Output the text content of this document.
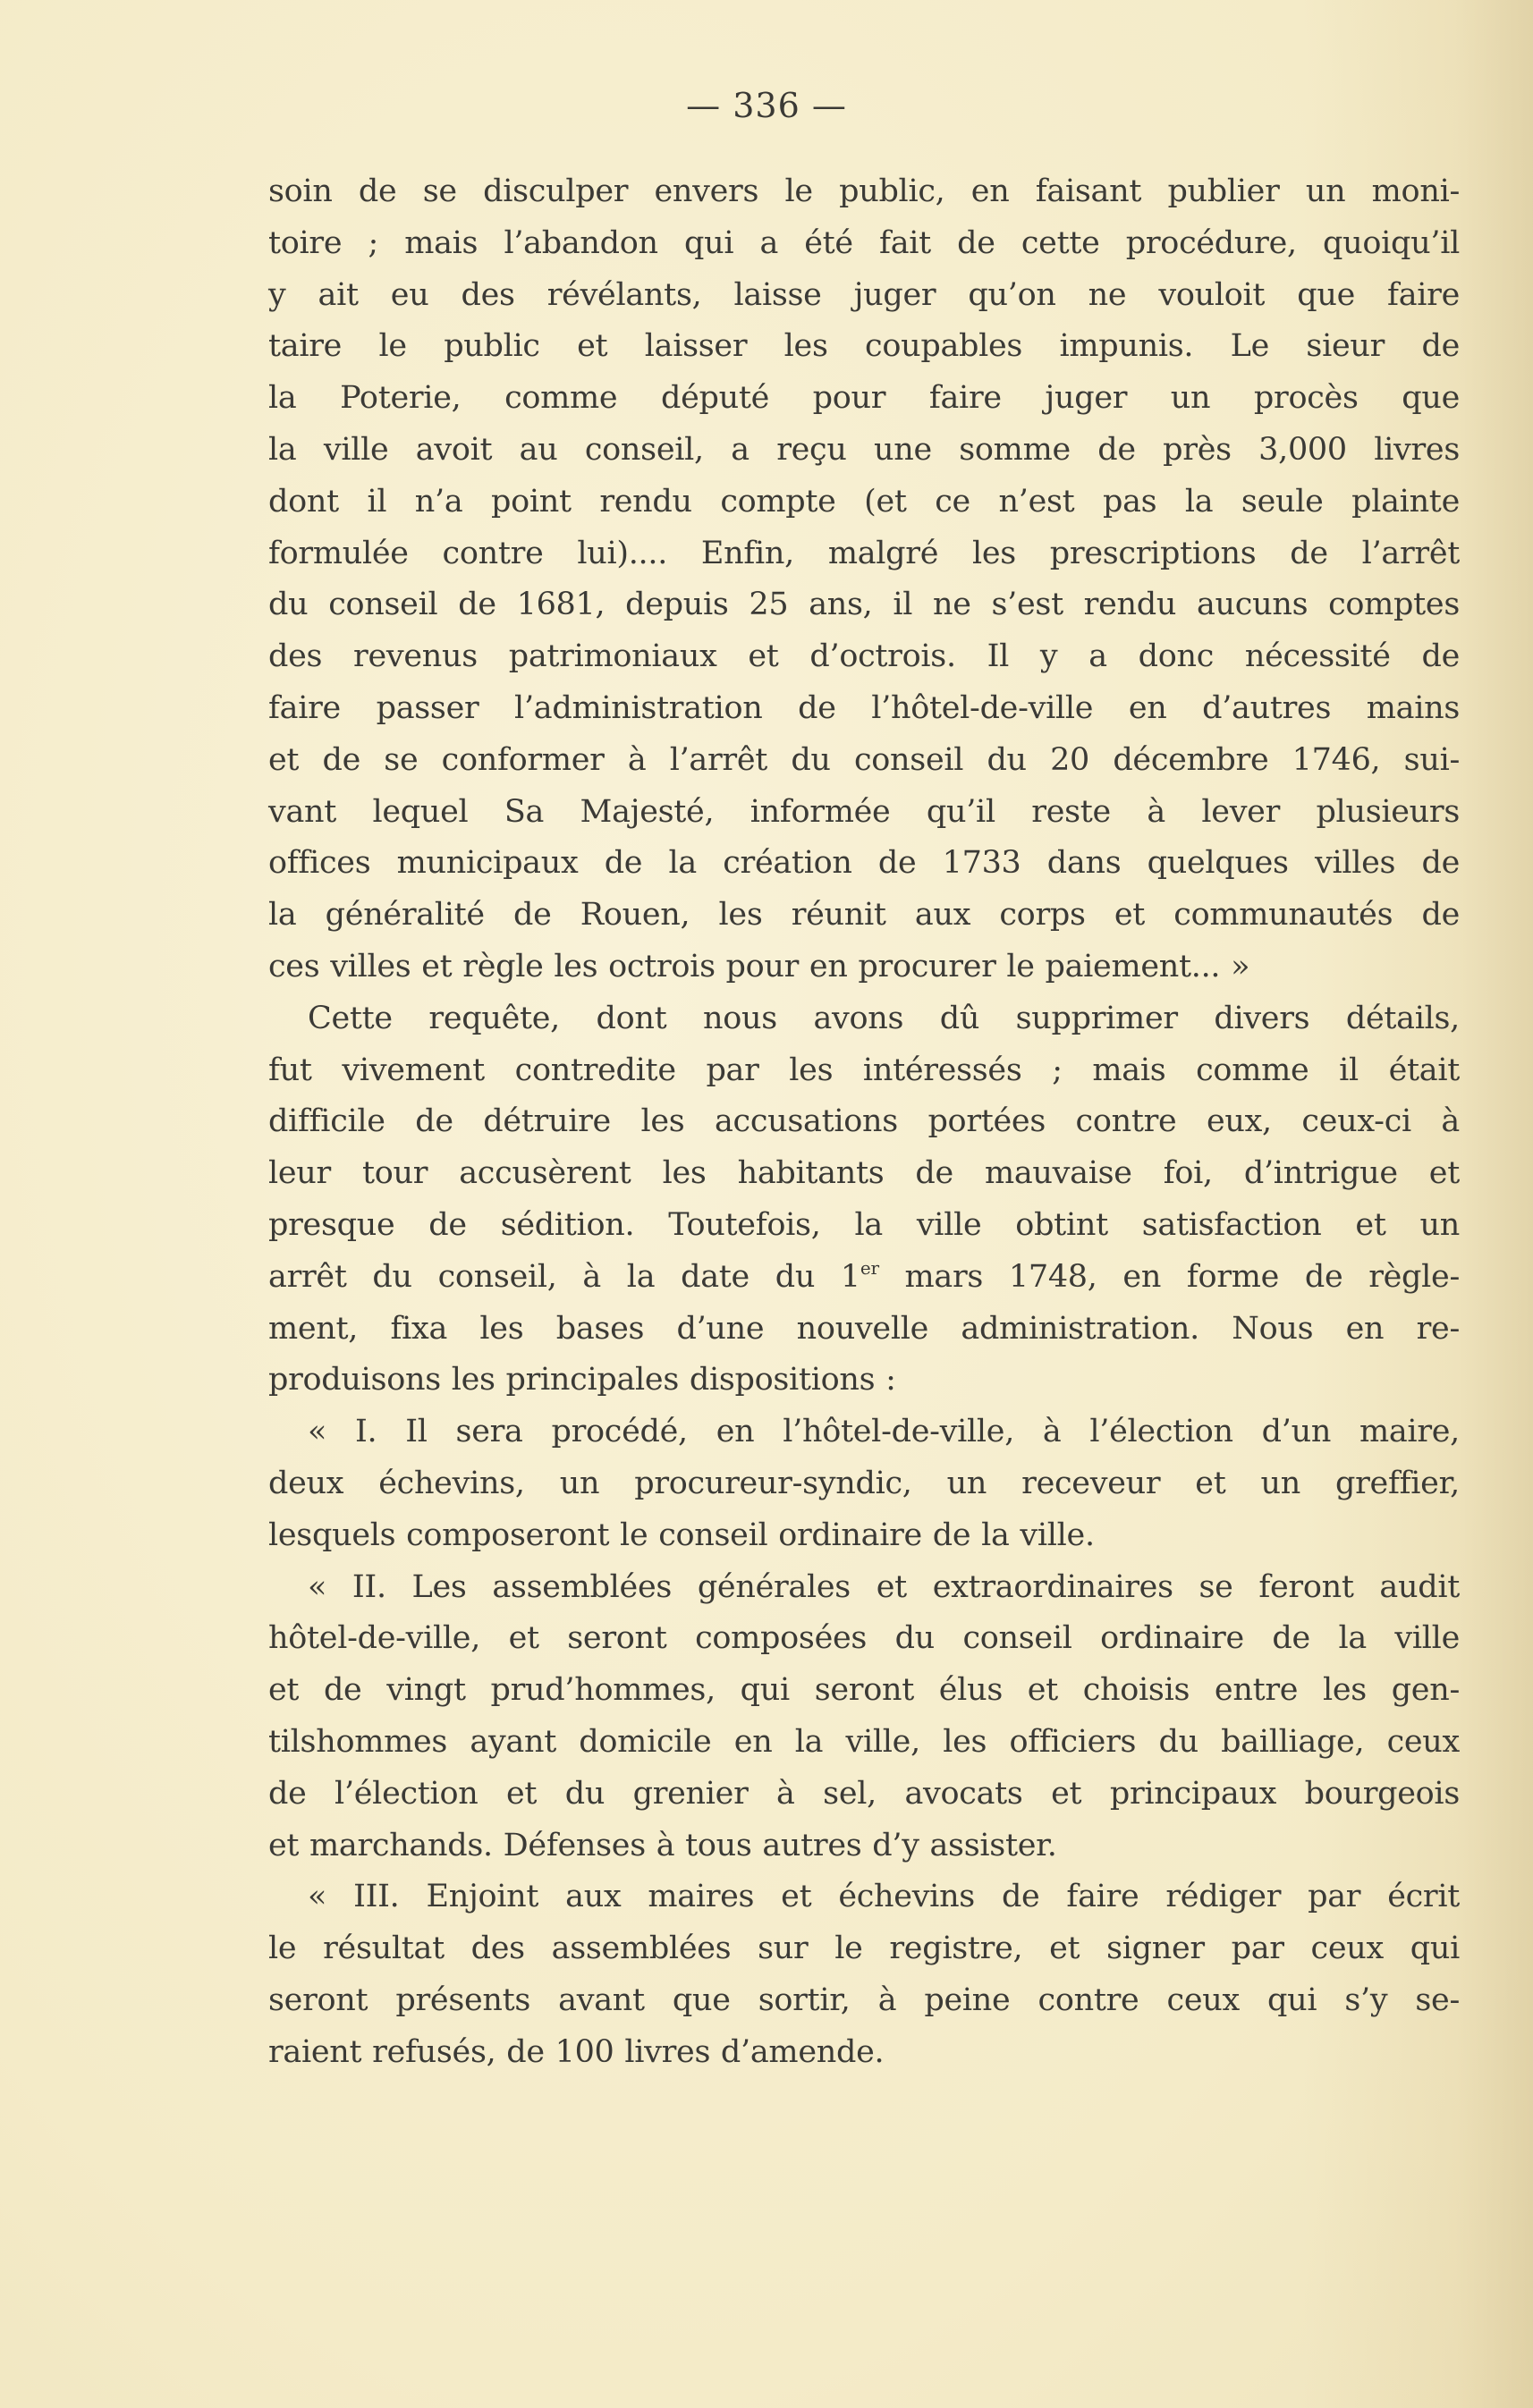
— 336 —
soin de se disculper envers le public, en faisant publier un moni-
toire ; mais l’abandon qui a été fait de cette procédure, quoiqu’il
y ait eu des révélants, laisse juger qu’on ne vouloit que faire
taire le public et laisser les coupables impunis. Le sieur de
la Poterie, comme député pour faire juger un procès que
la ville avoit au conseil, a reçu une somme de près 3,000 livres
dont il n’a point rendu compte (et ce n’est pas la seule plainte
formulée contre lui).... Enfin, malgré les prescriptions de l’arrêt
du conseil de 1681, depuis 25 ans, il ne s’est rendu aucuns comptes
des revenus patrimoniaux et d’octrois. Il y a donc nécessité de
faire passer l’administration de l’hôtel-de-ville en d’autres mains
et de se conformer à l’arrêt du conseil du 20 décembre 1746, sui-
vant lequel Sa Majesté, informée qu’il reste à lever plusieurs
offices municipaux de la création de 1733 dans quelques villes de
la généralité de Rouen, les réunit aux corps et communautés de
ces villes et règle les octrois pour en procurer le paiement... »
Cette requête, dont nous avons dû supprimer divers détails,
fut vivement contredite par les intéressés ; mais comme il était
difficile de détruire les accusations portées contre eux, ceux-ci à
leur tour accusèrent les habitants de mauvaise foi, d’intrigue et
presque de sédition. Toutefois, la ville obtint satisfaction et un
arrêt du conseil, à la date du 1er mars 1748, en forme de règle-
ment, fixa les bases d’une nouvelle administration. Nous en re-
produisons les principales dispositions :
« I. Il sera procédé, en l’hôtel-de-ville, à l’élection d’un maire,
deux échevins, un procureur-syndic, un receveur et un greffier,
lesquels composeront le conseil ordinaire de la ville.
« II. Les assemblées générales et extraordinaires se feront audit
hôtel-de-ville, et seront composées du conseil ordinaire de la ville
et de vingt prud’hommes, qui seront élus et choisis entre les gen-
tilshommes ayant domicile en la ville, les officiers du bailliage, ceux
de l’élection et du grenier à sel, avocats et principaux bourgeois
et marchands. Défenses à tous autres d’y assister.
« III. Enjoint aux maires et échevins de faire rédiger par écrit
le résultat des assemblées sur le registre, et signer par ceux qui
seront présents avant que sortir, à peine contre ceux qui s’y se-
raient refusés, de 100 livres d’amende.
